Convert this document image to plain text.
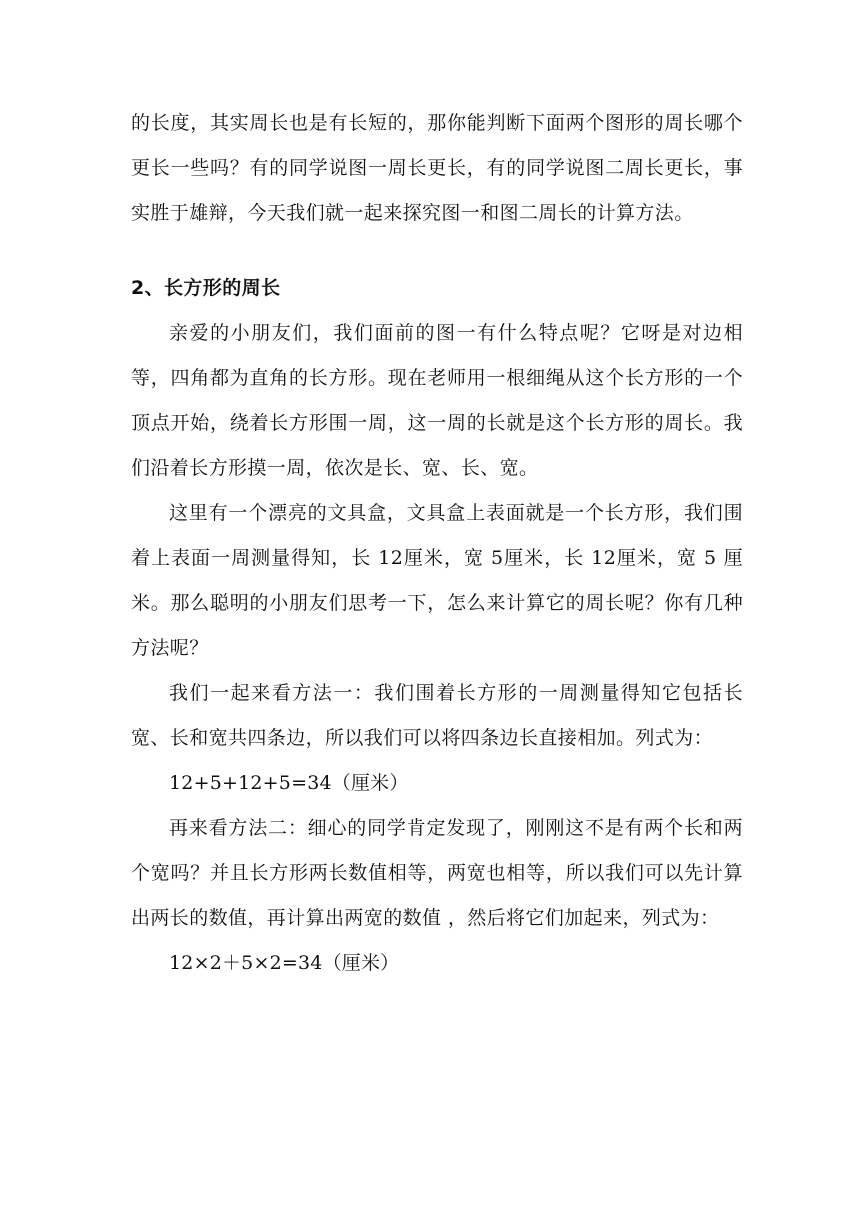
的长度，其实周长也是有长短的，那你能判断下面两个图形的周长哪个更长一些吗？有的同学说图一周长更长，有的同学说图二周长更长，事实胜于雄辩，今天我们就一起来探究图一和图二周长的计算方法。

2、长方形的周长

亲爱的小朋友们，我们面前的图一有什么特点呢？它呀是对边相等，四角都为直角的长方形。现在老师用一根细绳从这个长方形的一个顶点开始，绕着长方形围一周，这一周的长就是这个长方形的周长。我们沿着长方形摸一周，依次是长、宽、长、宽。

这里有一个漂亮的文具盒，文具盒上表面就是一个长方形，我们围着上表面一周测量得知，长 12厘米，宽 5厘米，长 12厘米，宽 5 厘米。那么聪明的小朋友们思考一下，怎么来计算它的周长呢？你有几种方法呢？

我们一起来看方法一：我们围着长方形的一周测量得知它包括长宽、长和宽共四条边，所以我们可以将四条边长直接相加。列式为：

12+5+12+5=34（厘米）

再来看方法二：细心的同学肯定发现了，刚刚这不是有两个长和两个宽吗？并且长方形两长数值相等，两宽也相等，所以我们可以先计算出两长的数值，再计算出两宽的数值 ，然后将它们加起来，列式为：

12×2＋5×2=34（厘米）
